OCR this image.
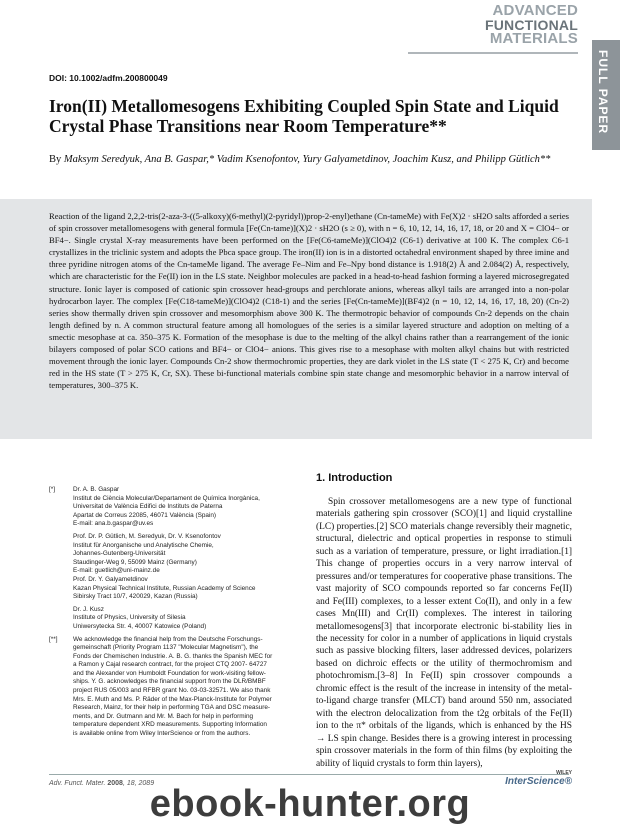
ADVANCED
FUNCTIONAL
MATERIALS
FULL PAPER
DOI: 10.1002/adfm.200800049
Iron(II) Metallomesogens Exhibiting Coupled Spin State and Liquid Crystal Phase Transitions near Room Temperature**
By Maksym Seredyuk, Ana B. Gaspar,* Vadim Ksenofontov, Yury Galyametdinov, Joachim Kusz, and Philipp Gütlich**

Reaction of the ligand 2,2,2-tris(2-aza-3-((5-alkoxy)(6-methyl)(2-pyridyl))prop-2-enyl)ethane (Cn-tameMe) with Fe(X)2 · sH2O salts afforded a series of spin crossover metallomesogens with general formula [Fe(Cn-tame)](X)2 · sH2O (s ≥ 0), with n = 6, 10, 12, 14, 16, 17, 18, or 20 and X = ClO4− or BF4−. Single crystal X-ray measurements have been performed on the [Fe(C6-tameMe)](ClO4)2 (C6-1) derivative at 100 K. The complex C6-1 crystallizes in the triclinic system and adopts the Pbca space group. The iron(II) ion is in a distorted octahedral environment shaped by three imine and three pyridine nitrogen atoms of the Cn-tameMe ligand. The average Fe–Nim and Fe–Npy bond distance is 1.918(2) Å and 2.084(2) Å, respectively, which are characteristic for the Fe(II) ion in the LS state. Neighbor molecules are packed in a head-to-head fashion forming a layered microsegregated structure. Ionic layer is composed of cationic spin crossover head-groups and perchlorate anions, whereas alkyl tails are arranged into a non-polar hydrocarbon layer. The complex [Fe(C18-tameMe)](ClO4)2 (C18-1) and the series [Fe(Cn-tameMe)](BF4)2 (n = 10, 12, 14, 16, 17, 18, 20) (Cn-2) series show thermally driven spin crossover and mesomorphism above 300 K. The thermotropic behavior of compounds Cn-2 depends on the chain length defined by n. A common structural feature among all homologues of the series is a similar layered structure and adoption on melting of a smectic mesophase at ca. 350–375 K. Formation of the mesophase is due to the melting of the alkyl chains rather than a rearrangement of the ionic bilayers composed of polar SCO cations and BF4− or ClO4− anions. This gives rise to a mesophase with molten alkyl chains but with restricted movement through the ionic layer. Compounds Cn-2 show thermochromic properties, they are dark violet in the LS state (T < 275 K, Cr) and become red in the HS state (T > 275 K, Cr, SX). These bi-functional materials combine spin state change and mesomorphic behavior in a narrow interval of temperatures, 300–375 K.

[*]	Dr. A. B. Gaspar
Institut de Ciència Molecular/Departament de Química Inorgànica,
Universitat de València Edifici de Instituts de Paterna
Apartat de Correus 22085, 46071 València (Spain)
E-mail: ana.b.gaspar@uv.es
Prof. Dr. P. Gütlich, M. Seredyuk, Dr. V. Ksenofontov
Institut für Anorganische und Analytische Chemie,
Johannes-Gutenberg-Universität
Staudinger-Weg 9, 55099 Mainz (Germany)
E-mail: guetlich@uni-mainz.de
Prof. Dr. Y. Galyametdinov
Kazan Physical Technical Institute, Russian Academy of Science
Sibirsky Tract 10/7, 420029, Kazan (Russia)
Dr. J. Kusz
Institute of Physics, University of Silesia
Uniwersytecka Str. 4, 40007 Katowice (Poland)
[**] We acknowledge the financial help from the Deutsche Forschungs-
gemeinschaft (Priority Program 1137 "Molecular Magnetism"), the
Fonds der Chemischen Industrie. A. B. G. thanks the Spanish MEC for
a Ramon y Cajal research contract, for the project CTQ 2007- 64727
and the Alexander von Humboldt Foundation for work-visiting fellow-
ships. Y. G. acknowledges the financial support from the DLR/BMBF
project RUS 05/003 and RFBR grant No. 03-03-32571. We also thank
Mrs. E. Muth and Ms. P. Räder of the Max-Planck-Institute for Polymer
Research, Mainz, for their help in performing TGA and DSC measure-
ments, and Dr. Gutmann and Mr. M. Bach for help in performing
temperature dependent XRD measurements. Supporting Information
is available online from Wiley InterScience or from the authors.
1. Introduction
Spin crossover metallomesogens are a new type of functional materials gathering spin crossover (SCO)[1] and liquid crystalline (LC) properties.[2] SCO materials change reversibly their magnetic, structural, dielectric and optical properties in response to stimuli such as a variation of temperature, pressure, or light irradiation.[1] This change of properties occurs in a very narrow interval of pressures and/or temperatures for cooperative phase transitions. The vast majority of SCO compounds reported so far concerns Fe(II) and Fe(III) complexes, to a lesser extent Co(II), and only in a few cases Mn(III) and Cr(II) complexes. The interest in tailoring metallomesogens[3] that incorporate electronic bi-stability lies in the necessity for color in a number of applications in liquid crystals such as passive blocking filters, laser addressed devices, polarizers based on dichroic effects or the utility of thermochromism and photochromism.[3–8] In Fe(II) spin crossover compounds a chromic effect is the result of the increase in intensity of the metal-to-ligand charge transfer (MLCT) band around 550 nm, associated with the electron delocalization from the t2g orbitals of the Fe(II) ion to the π* orbitals of the ligands, which is enhanced by the HS → LS spin change. Besides there is a growing interest in processing spin crossover materials in the form of thin films (by exploiting the ability of liquid crystals to form thin layers),
Adv. Funct. Mater. 2008, 18, 2089
WILEY
InterScience®
ebook-hunter.org
